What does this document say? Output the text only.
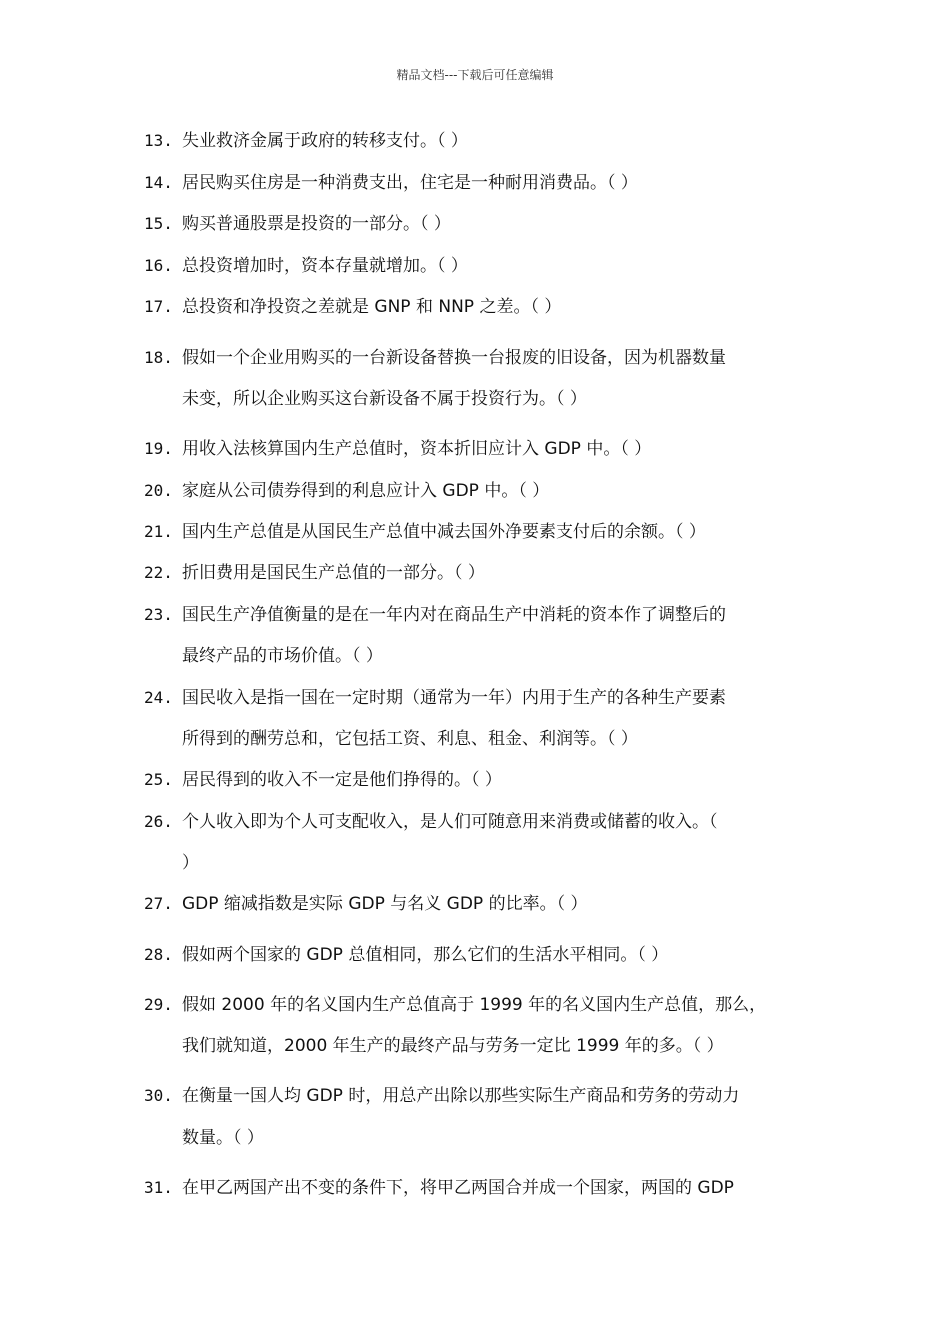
精品文档---下载后可任意编辑
13. 失业救济金属于政府的转移支付。（ ）
14. 居民购买住房是一种消费支出，住宅是一种耐用消费品。（ ）
15. 购买普通股票是投资的一部分。（ ）
16. 总投资增加时，资本存量就增加。（ ）
17. 总投资和净投资之差就是 GNP 和 NNP 之差。（ ）
18. 假如一个企业用购买的一台新设备替换一台报废的旧设备，因为机器数量
未变，所以企业购买这台新设备不属于投资行为。（ ）
19. 用收入法核算国内生产总值时，资本折旧应计入 GDP 中。（ ）
20. 家庭从公司债券得到的利息应计入 GDP 中。（ ）
21. 国内生产总值是从国民生产总值中减去国外净要素支付后的余额。（ ）
22. 折旧费用是国民生产总值的一部分。（ ）
23. 国民生产净值衡量的是在一年内对在商品生产中消耗的资本作了调整后的
最终产品的市场价值。（ ）
24. 国民收入是指一国在一定时期（通常为一年）内用于生产的各种生产要素
所得到的酬劳总和，它包括工资、利息、租金、利润等。（ ）
25. 居民得到的收入不一定是他们挣得的。（ ）
26. 个人收入即为个人可支配收入，是人们可随意用来消费或储蓄的收入。（
）
27. GDP 缩减指数是实际 GDP 与名义 GDP 的比率。（ ）
28. 假如两个国家的 GDP 总值相同，那么它们的生活水平相同。（ ）
29. 假如 2000 年的名义国内生产总值高于 1999 年的名义国内生产总值，那么，
我们就知道，2000 年生产的最终产品与劳务一定比 1999 年的多。（ ）
30. 在衡量一国人均 GDP 时，用总产出除以那些实际生产商品和劳务的劳动力
数量。（ ）
31. 在甲乙两国产出不变的条件下，将甲乙两国合并成一个国家，两国的 GDP
